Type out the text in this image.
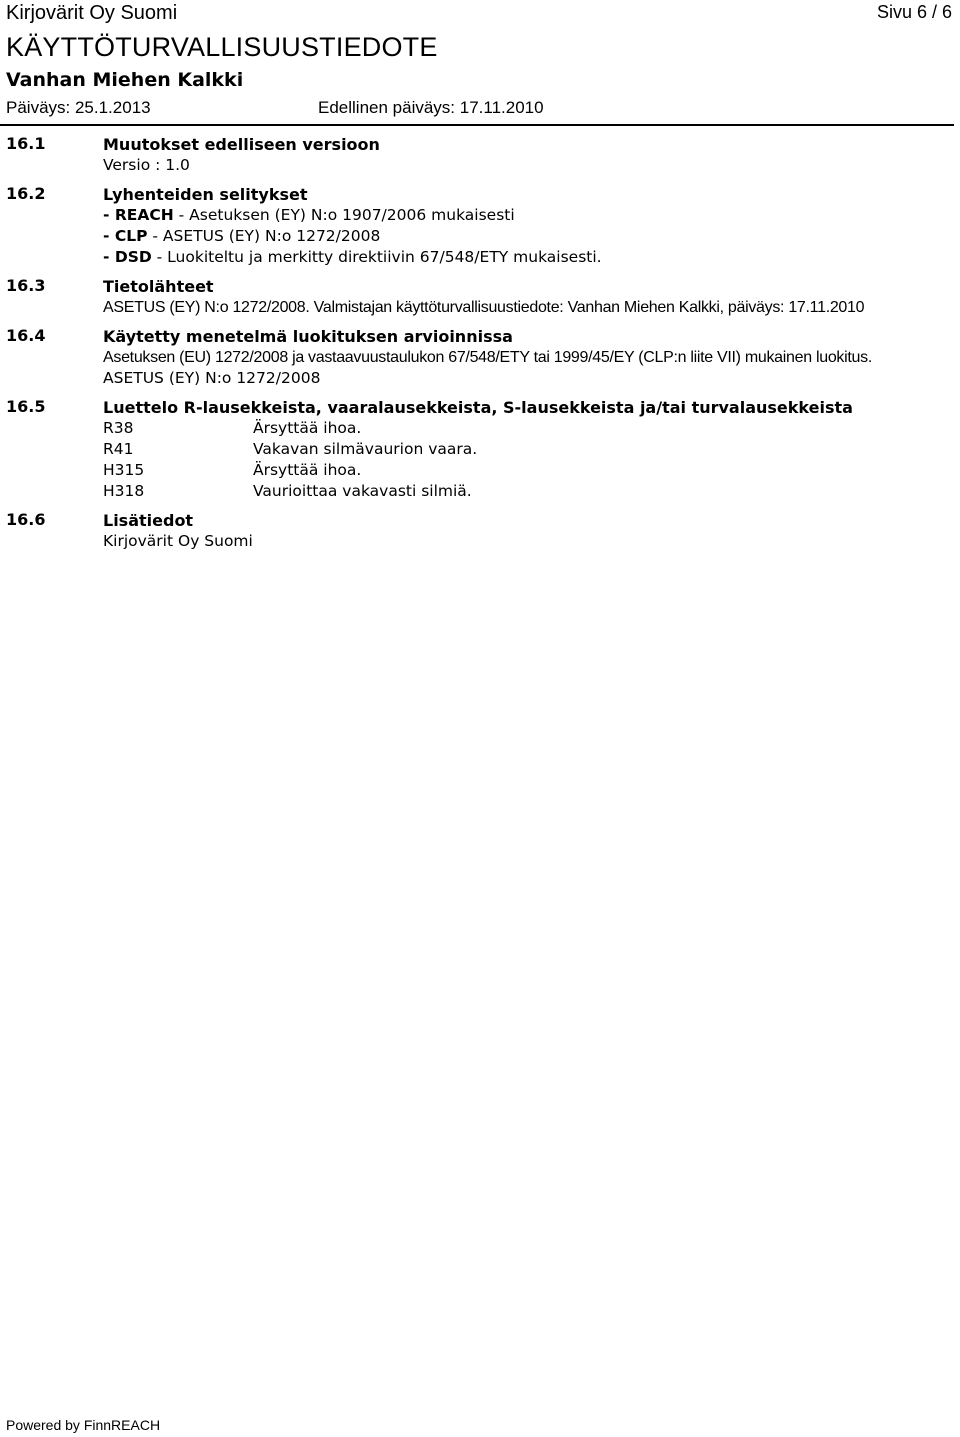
Kirjovärit Oy Suomi	Sivu 6 / 6
KÄYTTÖTURVALLISUUSTIEDOTE
Vanhan Miehen Kalkki
Päiväys: 25.1.2013	Edellinen päiväys: 17.11.2010
16.1	Muutokset edelliseen versioon
Versio : 1.0
16.2	Lyhenteiden selitykset
- REACH - Asetuksen (EY) N:o 1907/2006 mukaisesti
- CLP - ASETUS (EY) N:o 1272/2008
- DSD - Luokiteltu ja merkitty direktiivin 67/548/ETY mukaisesti.
16.3	Tietolähteet
ASETUS (EY) N:o 1272/2008. Valmistajan käyttöturvallisuustiedote: Vanhan Miehen Kalkki, päiväys: 17.11.2010
16.4	Käytetty menetelmä luokituksen arvioinnissa
Asetuksen (EU) 1272/2008 ja vastaavuustaulukon 67/548/ETY tai 1999/45/EY (CLP:n liite VII) mukainen luokitus.
ASETUS (EY) N:o 1272/2008
16.5	Luettelo R-lausekkeista, vaaralausekkeista, S-lausekkeista ja/tai turvalausekkeista
R38	Ärsyttää ihoa.
R41	Vakavan silmävaurion vaara.
H315	Ärsyttää ihoa.
H318	Vaurioittaa vakavasti silmiä.
16.6	Lisätiedot
Kirjovärit Oy Suomi
Powered by FinnREACH
